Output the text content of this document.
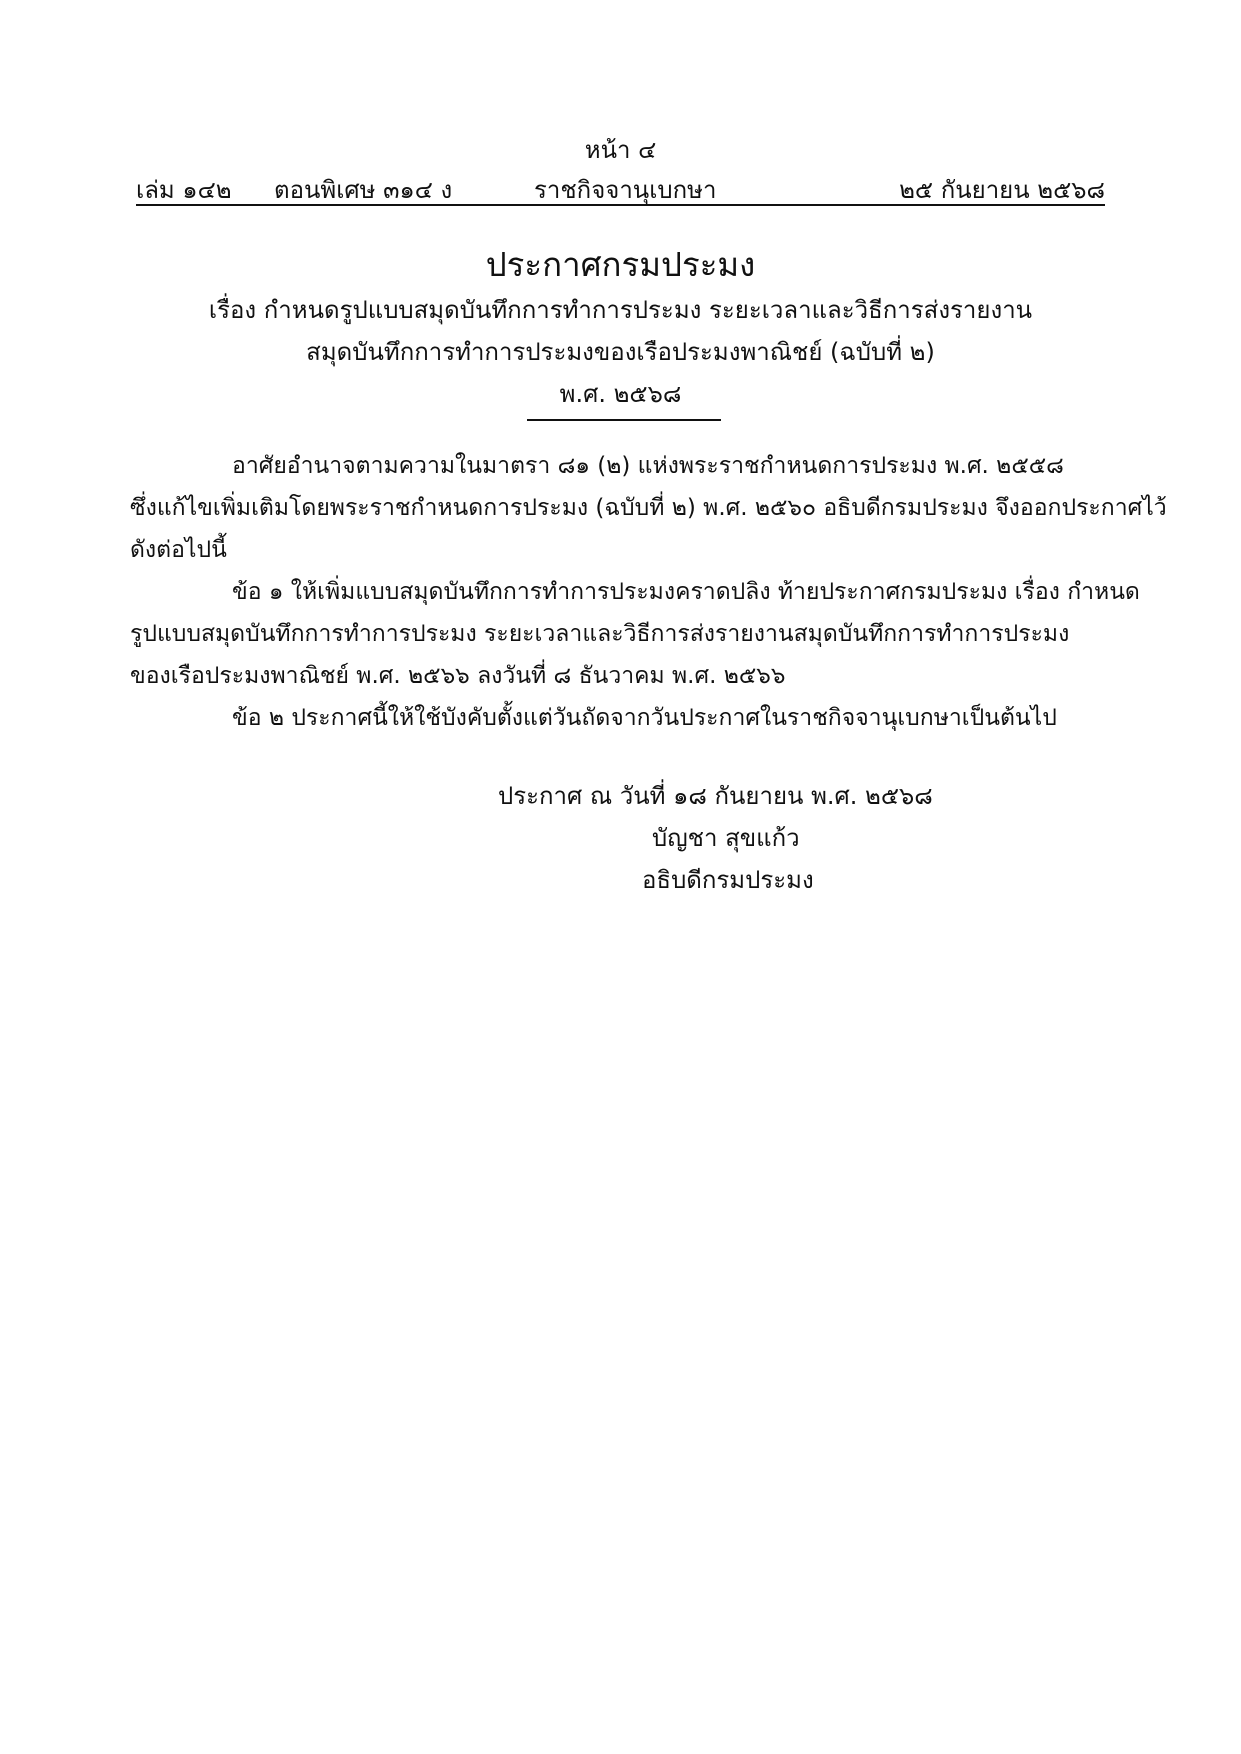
หน้า ๔
เล่ม ๑๔๒ ตอนพิเศษ ๓๑๔ ง	ราชกิจจานุเบกษา	๒๕ กันยายน ๒๕๖๘
ประกาศกรมประมง
เรื่อง กำหนดรูปแบบสมุดบันทึกการทำการประมง ระยะเวลาและวิธีการส่งรายงาน
สมุดบันทึกการทำการประมงของเรือประมงพาณิชย์ (ฉบับที่ ๒)
พ.ศ. ๒๕๖๘
อาศัยอำนาจตามความในมาตรา ๘๑ (๒) แห่งพระราชกำหนดการประมง พ.ศ. ๒๕๕๘
ซึ่งแก้ไขเพิ่มเติมโดยพระราชกำหนดการประมง (ฉบับที่ ๒) พ.ศ. ๒๕๖๐ อธิบดีกรมประมง จึงออกประกาศไว้
ดังต่อไปนี้
ข้อ ๑ ให้เพิ่มแบบสมุดบันทึกการทำการประมงคราดปลิง ท้ายประกาศกรมประมง เรื่อง กำหนด
รูปแบบสมุดบันทึกการทำการประมง ระยะเวลาและวิธีการส่งรายงานสมุดบันทึกการทำการประมง
ของเรือประมงพาณิชย์ พ.ศ. ๒๕๖๖ ลงวันที่ ๘ ธันวาคม พ.ศ. ๒๕๖๖
ข้อ ๒ ประกาศนี้ให้ใช้บังคับตั้งแต่วันถัดจากวันประกาศในราชกิจจานุเบกษาเป็นต้นไป
ประกาศ ณ วันที่ ๑๘ กันยายน พ.ศ. ๒๕๖๘
บัญชา สุขแก้ว
อธิบดีกรมประมง
